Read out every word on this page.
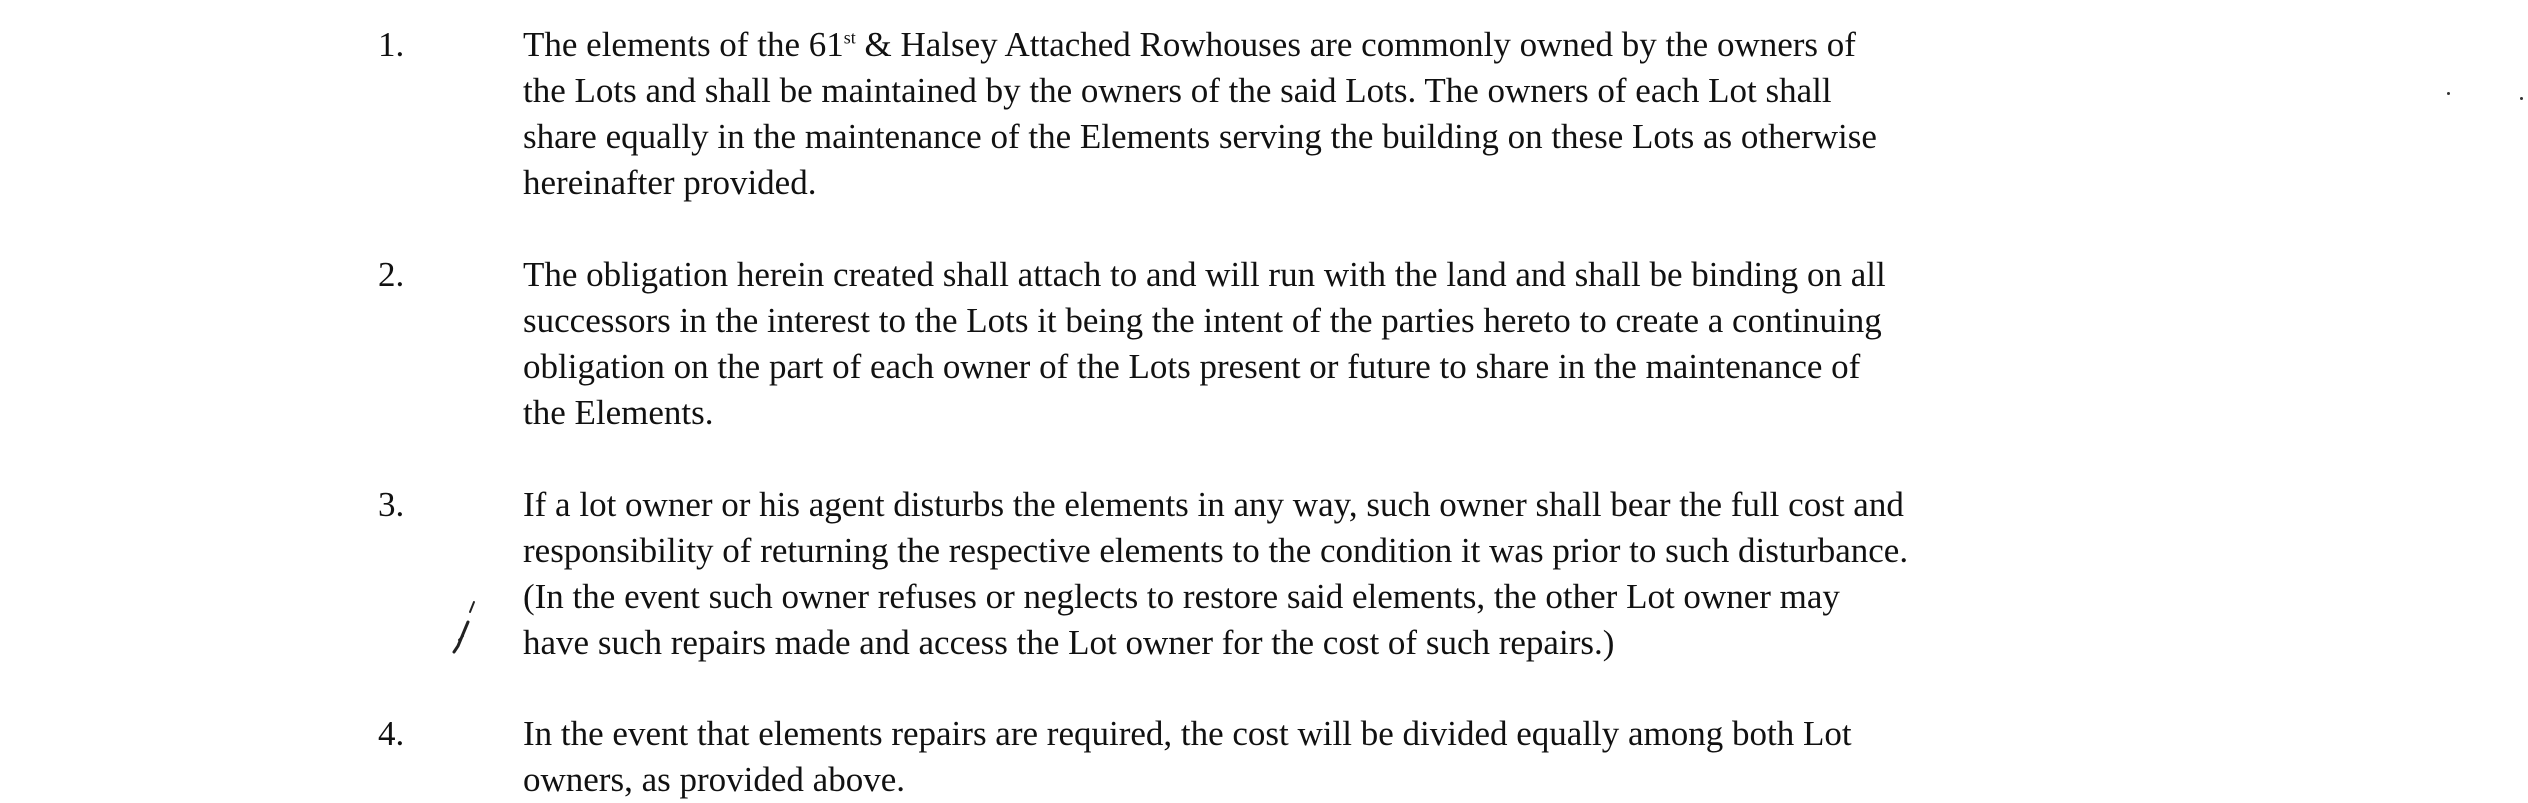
1.	The elements of the 61st & Halsey Attached Rowhouses are commonly owned by the owners of
the Lots and shall be maintained by the owners of the said Lots. The owners of each Lot shall
share equally in the maintenance of the Elements serving the building on these Lots as otherwise
hereinafter provided.
2.	The obligation herein created shall attach to and will run with the land and shall be binding on all
successors in the interest to the Lots it being the intent of the parties hereto to create a continuing
obligation on the part of each owner of the Lots present or future to share in the maintenance of
the Elements.
3.	If a lot owner or his agent disturbs the elements in any way, such owner shall bear the full cost and
responsibility of returning the respective elements to the condition it was prior to such disturbance.
(In the event such owner refuses or neglects to restore said elements, the other Lot owner may
have such repairs made and access the Lot owner for the cost of such repairs.)
4.	In the event that elements repairs are required, the cost will be divided equally among both Lot
owners, as provided above.
